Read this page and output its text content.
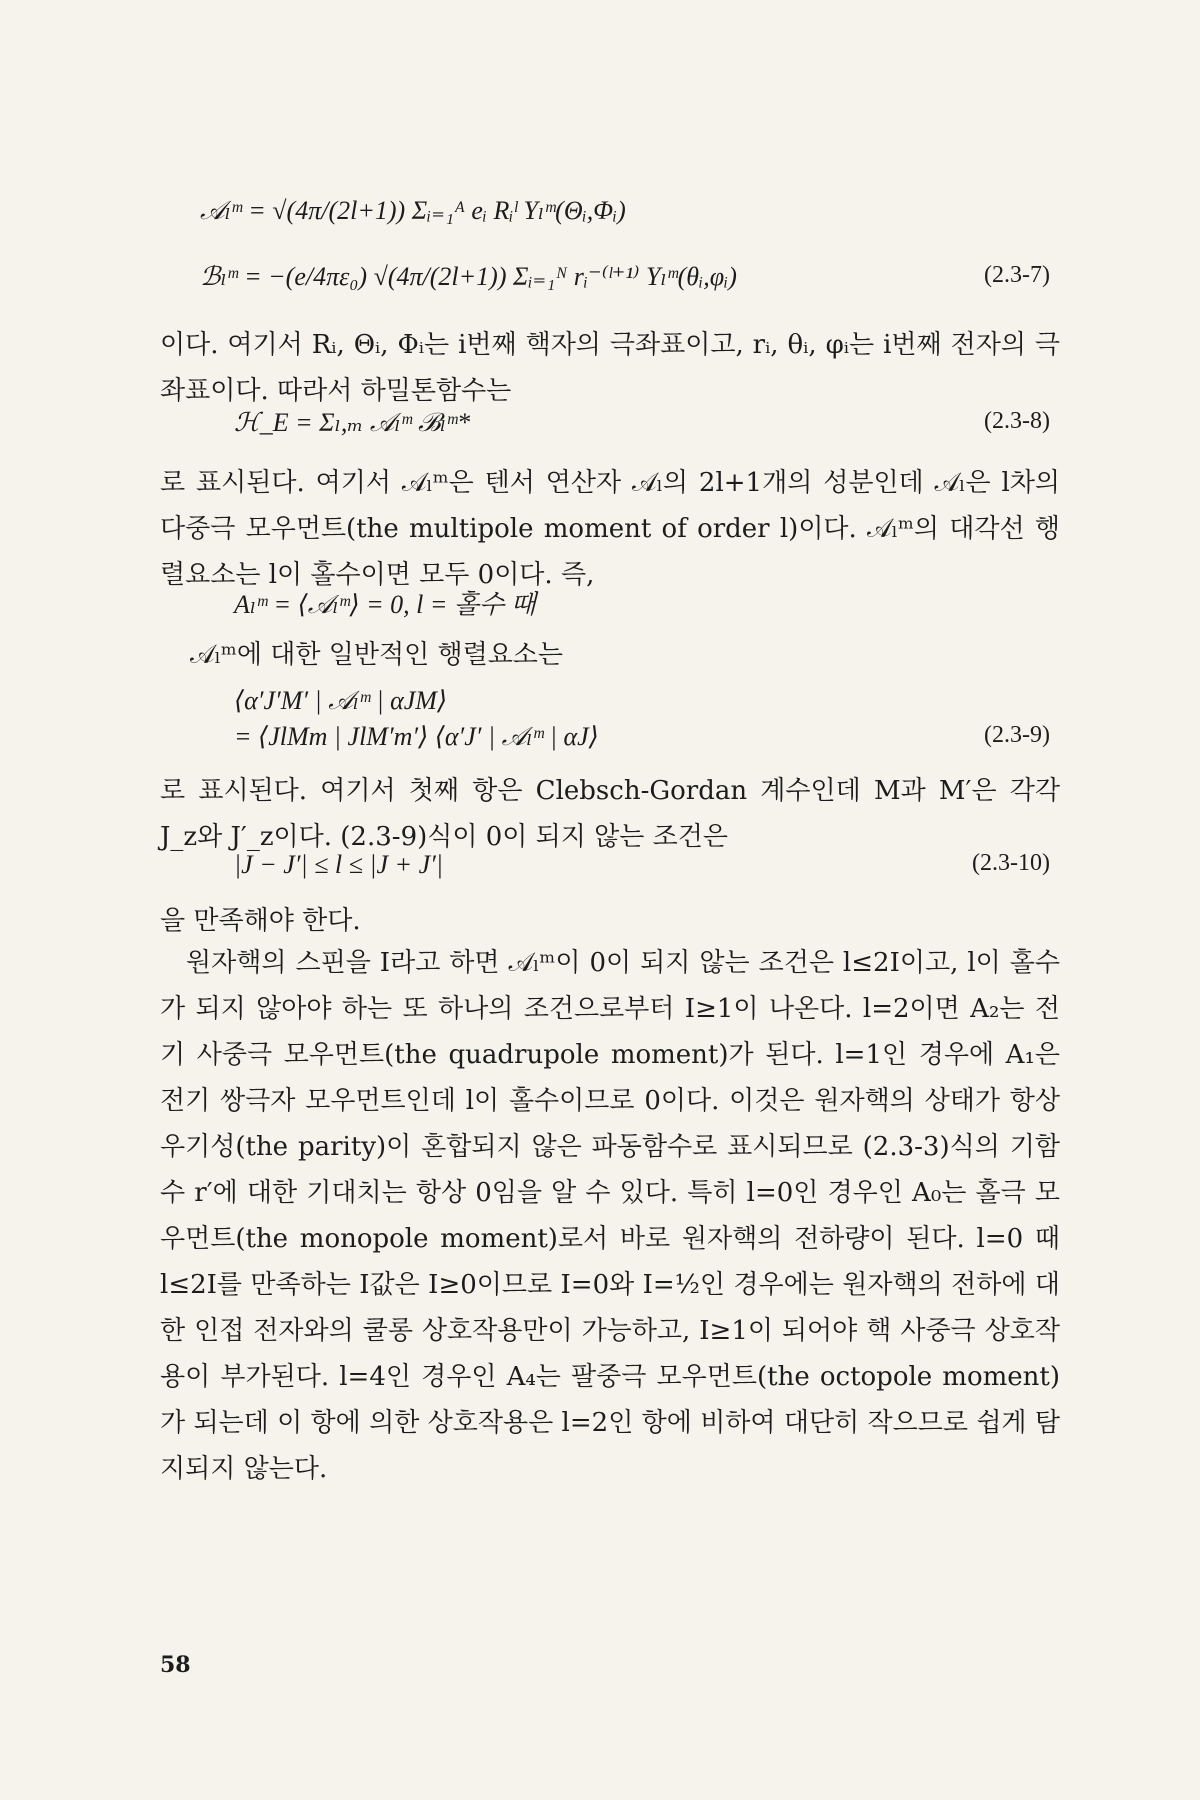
𝒜ₗᵐ = √(4π/(2l+1)) Σᵢ₌₁ᴬ eᵢ Rᵢˡ Yₗᵐ(Θᵢ,Φᵢ)
ℬₗᵐ = −(e/4πε₀) √(4π/(2l+1)) Σᵢ₌₁ᴺ rᵢ⁻⁽ˡ⁺¹⁾ Yₗᵐ(θᵢ,φᵢ)	(2.3-7)

이다. 여기서 Rᵢ, Θᵢ, Φᵢ는 i번째 핵자의 극좌표이고, rᵢ, θᵢ, φᵢ는 i번째 전자의 극좌표이다. 따라서 하밀톤함수는

ℋ_E = Σₗ,ₘ 𝒜ₗᵐ ℬₗᵐ*	(2.3-8)

로 표시된다. 여기서 𝒜ₗᵐ은 텐서 연산자 𝒜ₗ의 2l+1개의 성분인데 𝒜ₗ은 l차의 다중극 모우먼트(the multipole moment of order l)이다. 𝒜ₗᵐ의 대각선 행렬요소는 l이 홀수이면 모두 0이다. 즉,

Aₗᵐ = ⟨𝒜ₗᵐ⟩ = 0, l = 홀수 때

𝒜ₗᵐ에 대한 일반적인 행렬요소는

⟨α′J′M′ | 𝒜ₗᵐ | αJM⟩
= ⟨JlMm | JlM′m′⟩ ⟨α′J′ | 𝒜ₗᵐ | αJ⟩	(2.3-9)

로 표시된다. 여기서 첫째 항은 Clebsch-Gordan 계수인데 M과 M′은 각각 J_z와 J′_z이다. (2.3-9)식이 0이 되지 않는 조건은

|J − J′| ≤ l ≤ |J + J′|	(2.3-10)

을 만족해야 한다.

원자핵의 스핀을 I라고 하면 𝒜ₗᵐ이 0이 되지 않는 조건은 l≤2I이고, l이 홀수가 되지 않아야 하는 또 하나의 조건으로부터 I≥1이 나온다. l=2이면 A₂는 전기 사중극 모우먼트(the quadrupole moment)가 된다. l=1인 경우에 A₁은 전기 쌍극자 모우먼트인데 l이 홀수이므로 0이다. 이것은 원자핵의 상태가 항상 우기성(the parity)이 혼합되지 않은 파동함수로 표시되므로 (2.3-3)식의 기함수 r′에 대한 기대치는 항상 0임을 알 수 있다. 특히 l=0인 경우인 A₀는 홀극 모우먼트(the monopole moment)로서 바로 원자핵의 전하량이 된다. l=0 때 l≤2I를 만족하는 I값은 I≥0이므로 I=0와 I=½인 경우에는 원자핵의 전하에 대한 인접 전자와의 쿨롱 상호작용만이 가능하고, I≥1이 되어야 핵 사중극 상호작용이 부가된다. l=4인 경우인 A₄는 팔중극 모우먼트(the octopole moment)가 되는데 이 항에 의한 상호작용은 l=2인 항에 비하여 대단히 작으므로 쉽게 탐지되지 않는다.

58
